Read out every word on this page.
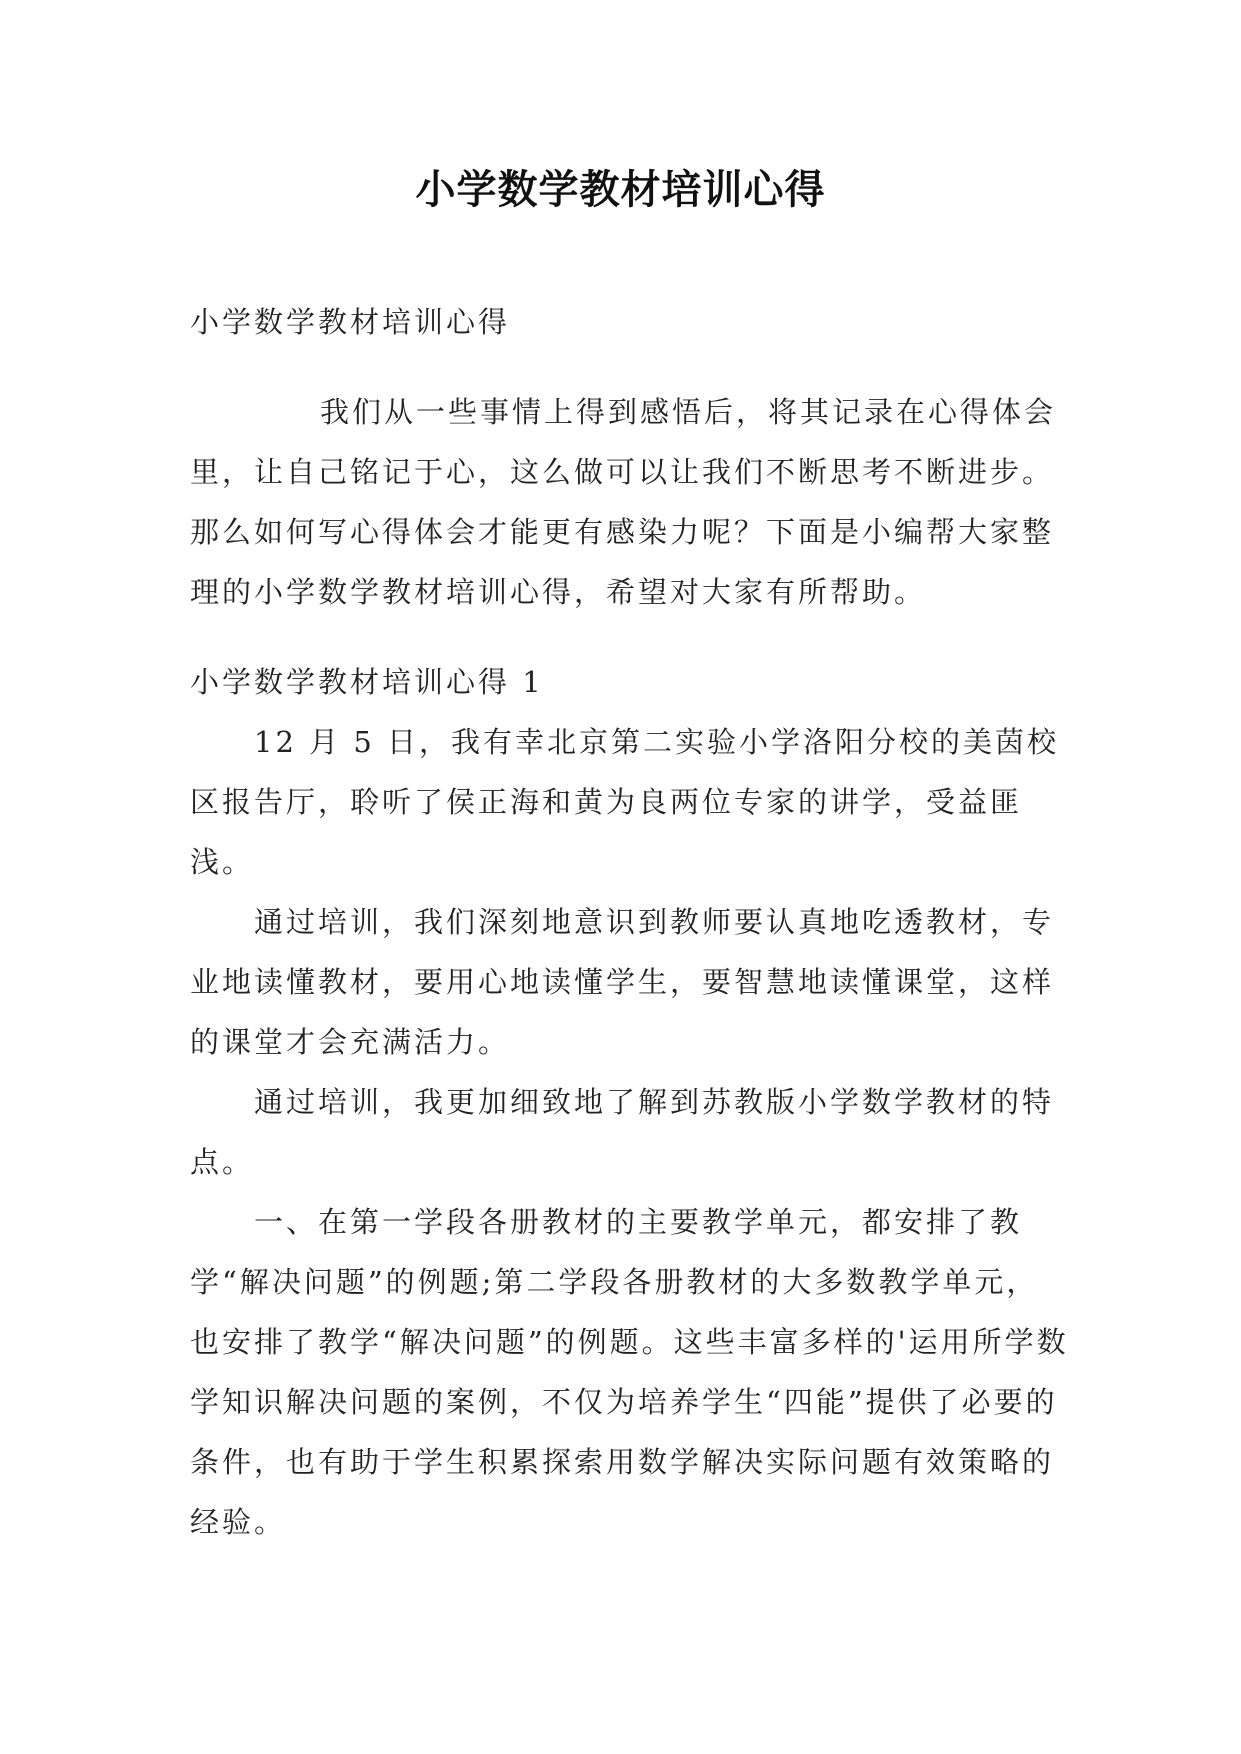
小学数学教材培训心得

小学数学教材培训心得

我们从一些事情上得到感悟后，将其记录在心得体会里，让自己铭记于心，这么做可以让我们不断思考不断进步。那么如何写心得体会才能更有感染力呢？下面是小编帮大家整理的小学数学教材培训心得，希望对大家有所帮助。

小学数学教材培训心得 1

12 月 5 日，我有幸北京第二实验小学洛阳分校的美茵校区报告厅，聆听了侯正海和黄为良两位专家的讲学，受益匪浅。

通过培训，我们深刻地意识到教师要认真地吃透教材，专业地读懂教材，要用心地读懂学生，要智慧地读懂课堂，这样的课堂才会充满活力。

通过培训，我更加细致地了解到苏教版小学数学教材的特点。

一、在第一学段各册教材的主要教学单元，都安排了教学“解决问题”的例题;第二学段各册教材的大多数教学单元，也安排了教学“解决问题”的例题。这些丰富多样的'运用所学数学知识解决问题的案例，不仅为培养学生“四能”提供了必要的条件，也有助于学生积累探索用数学解决实际问题有效策略的经验。
